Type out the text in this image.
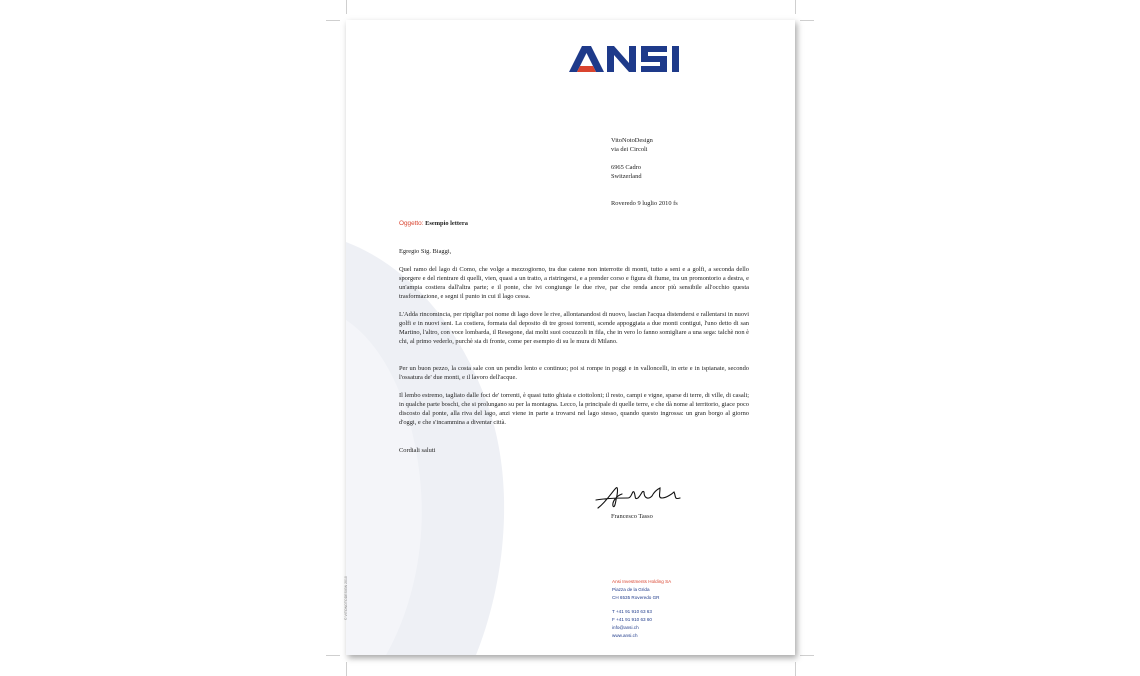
VitoNotoDesign
via dei Circoli
6965 Cadro
Switzerland
Roveredo 9 luglio 2010 fs
Oggetto: Esempio lettera
Egregio Sig. Biaggi,
Quel ramo del lago di Como, che volge a mezzogiorno, tra due catene non interrotte di monti, tutto a seni e a golfi, a seconda dello sporgere e del rientrare di quelli, vien, quasi a un tratto, a ristringersi, e a prender corso e figura di fiume, tra un promontorio a destra, e un'ampia costiera dall'altra parte; e il ponte, che ivi congiunge le due rive, par che renda ancor più sensibile all'occhio questa trasformazione, e segni il punto in cui il lago cessa.
L'Adda rincomincia, per ripigliar poi nome di lago dove le rive, allontanandosi di nuovo, lascian l'acqua distendersi e rallentarsi in nuovi golfi e in nuovi seni. La costiera, formata dal deposito di tre grossi torrenti, scende appoggiata a due monti contigui, l'uno detto di san Martino, l'altro, con voce lombarda, il Resegone, dai molti suoi cocuzzoli in fila, che in vero lo fanno somigliare a una sega: talchè non è chi, al primo vederlo, purchè sia di fronte, come per esempio di su le mura di Milano.
Per un buon pezzo, la costa sale con un pendio lento e continuo; poi si rompe in poggi e in valloncelli, in erte e in ispianate, secondo l'ossatura de' due monti, e il lavoro dell'acque.
Il lembo estremo, tagliato dalle foci de' torrenti, è quasi tutto ghiaia e ciottoloni; il resto, campi e vigne, sparse di terre, di ville, di casali; in qualche parte boschi, che si prolungano su per la montagna. Lecco, la principale di quelle terre, e che dà nome al territorio, giace poco discosto dal ponte, alla riva del lago, anzi viene in parte a trovarsi nel lago stesso, quando questo ingrossa: un gran borgo al giorno d'oggi, e che s'incammina a diventar città.
Cordiali saluti
Francesco Tasso
Ansi Investments Holding SA
Piazza de la Grida
CH 6535 Roveredo GR
T +41 91 910 63 63
F +41 91 910 63 60
info@ansi.ch
www.ansi.ch
© VITONOTODESIGN 2010
